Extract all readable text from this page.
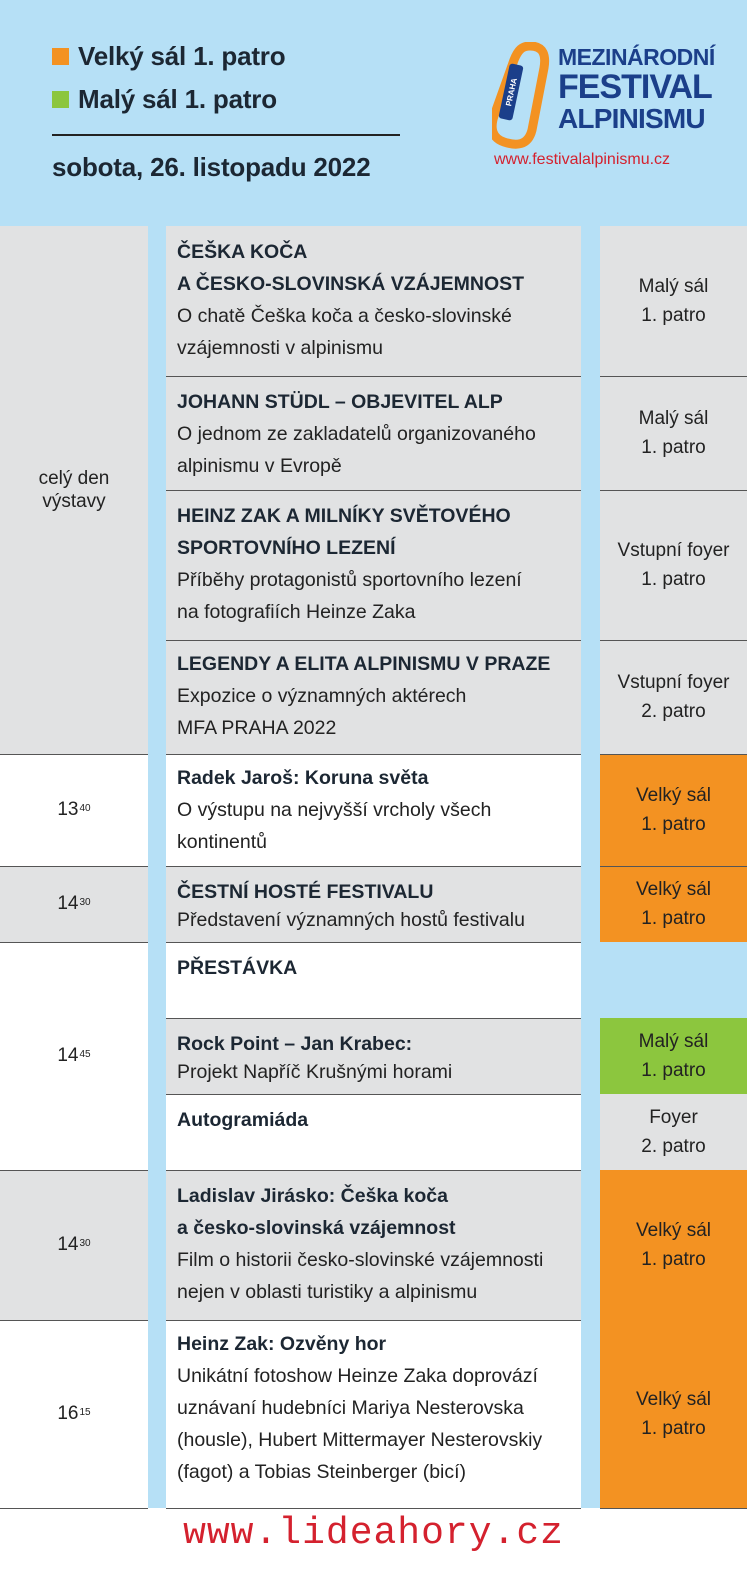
Velký sál 1. patro
Malý sál 1. patro
sobota, 26. listopadu 2022
PRAHA
MEZINÁRODNÍ
FESTIVAL
ALPINISMU
www.festivalalpinismu.cz
Malý sál
1. patro
Malý sál
1. patro
Vstupní foyer
1. patro
Vstupní foyer
2. patro
Velký sál
1. patro
Velký sál
1. patro
Malý sál
1. patro
Foyer
2. patro
Velký sál
1. patro
Velký sál
1. patro
celý den
výstavy
13 40
14 30
14 45
14 30
16 15
ČEŠKA KOČA
A ČESKO-SLOVINSKÁ VZÁJEMNOST
O chatě Češka koča a česko-slovinské
vzájemnosti v alpinismu
JOHANN STÜDL – OBJEVITEL ALP
O jednom ze zakladatelů organizovaného
alpinismu v Evropě
HEINZ ZAK A MILNÍKY SVĚTOVÉHO
SPORTOVNÍHO LEZENÍ
Příběhy protagonistů sportovního lezení
na fotografiích Heinze Zaka
LEGENDY A ELITA ALPINISMU V PRAZE
Expozice o významných aktérech
MFA PRAHA 2022
Radek Jaroš: Koruna světa
O výstupu na nejvyšší vrcholy všech
kontinentů
ČESTNÍ HOSTÉ FESTIVALU
Představení významných hostů festivalu
PŘESTÁVKA
Rock Point – Jan Krabec:
Projekt Napříč Krušnými horami
Autogramiáda
Ladislav Jirásko: Češka koča
a česko-slovinská vzájemnost
Film o historii česko-slovinské vzájemnosti
nejen v oblasti turistiky a alpinismu
Heinz Zak: Ozvěny hor
Unikátní fotoshow Heinze Zaka doprovází
uznávaní hudebníci Mariya Nesterovska
(housle), Hubert Mittermayer Nesterovskiy
(fagot) a Tobias Steinberger (bicí)
www.lideahory.cz
